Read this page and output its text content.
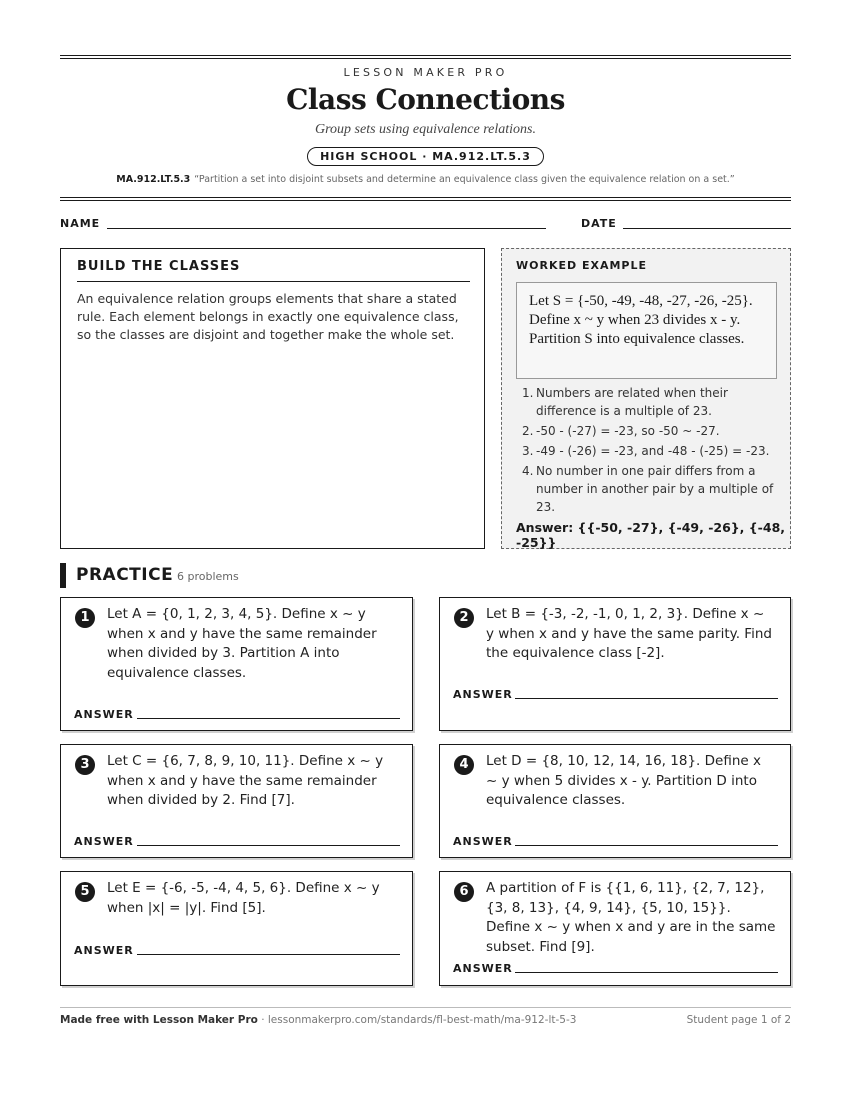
LESSON MAKER PRO
Class Connections
Group sets using equivalence relations.
HIGH SCHOOL · MA.912.LT.5.3
MA.912.LT.5.3 “Partition a set into disjoint subsets and determine an equivalence class given the equivalence relation on a set.”
NAME	DATE
BUILD THE CLASSES

An equivalence relation groups elements that share a stated rule. Each element belongs in exactly one equivalence class, so the classes are disjoint and together make the whole set.

WORKED EXAMPLE
Let S = {-50, -49, -48, -27, -26, -25}. Define x ~ y when 23 divides x - y. Partition S into equivalence classes.
1. Numbers are related when their difference is a multiple of 23.
2. -50 - (-27) = -23, so -50 ~ -27.
3. -49 - (-26) = -23, and -48 - (-25) = -23.
4. No number in one pair differs from a number in another pair by a multiple of 23.
Answer: {{-50, -27}, {-49, -26}, {-48, -25}}
PRACTICE 6 problems
1	Let A = {0, 1, 2, 3, 4, 5}. Define x ~ y when x and y have the same remainder when divided by 3. Partition A into equivalence classes.
ANSWER
2	Let B = {-3, -2, -1, 0, 1, 2, 3}. Define x ~ y when x and y have the same parity. Find the equivalence class [-2].
ANSWER
3	Let C = {6, 7, 8, 9, 10, 11}. Define x ~ y when x and y have the same remainder when divided by 2. Find [7].
ANSWER
4	Let D = {8, 10, 12, 14, 16, 18}. Define x ~ y when 5 divides x - y. Partition D into equivalence classes.
ANSWER
5	Let E = {-6, -5, -4, 4, 5, 6}. Define x ~ y when |x| = |y|. Find [5].
ANSWER
6	A partition of F is {{1, 6, 11}, {2, 7, 12}, {3, 8, 13}, {4, 9, 14}, {5, 10, 15}}. Define x ~ y when x and y are in the same subset. Find [9].
ANSWER
Made free with Lesson Maker Pro · lessonmakerpro.com/standards/fl-best-math/ma-912-lt-5-3	Student page 1 of 2
